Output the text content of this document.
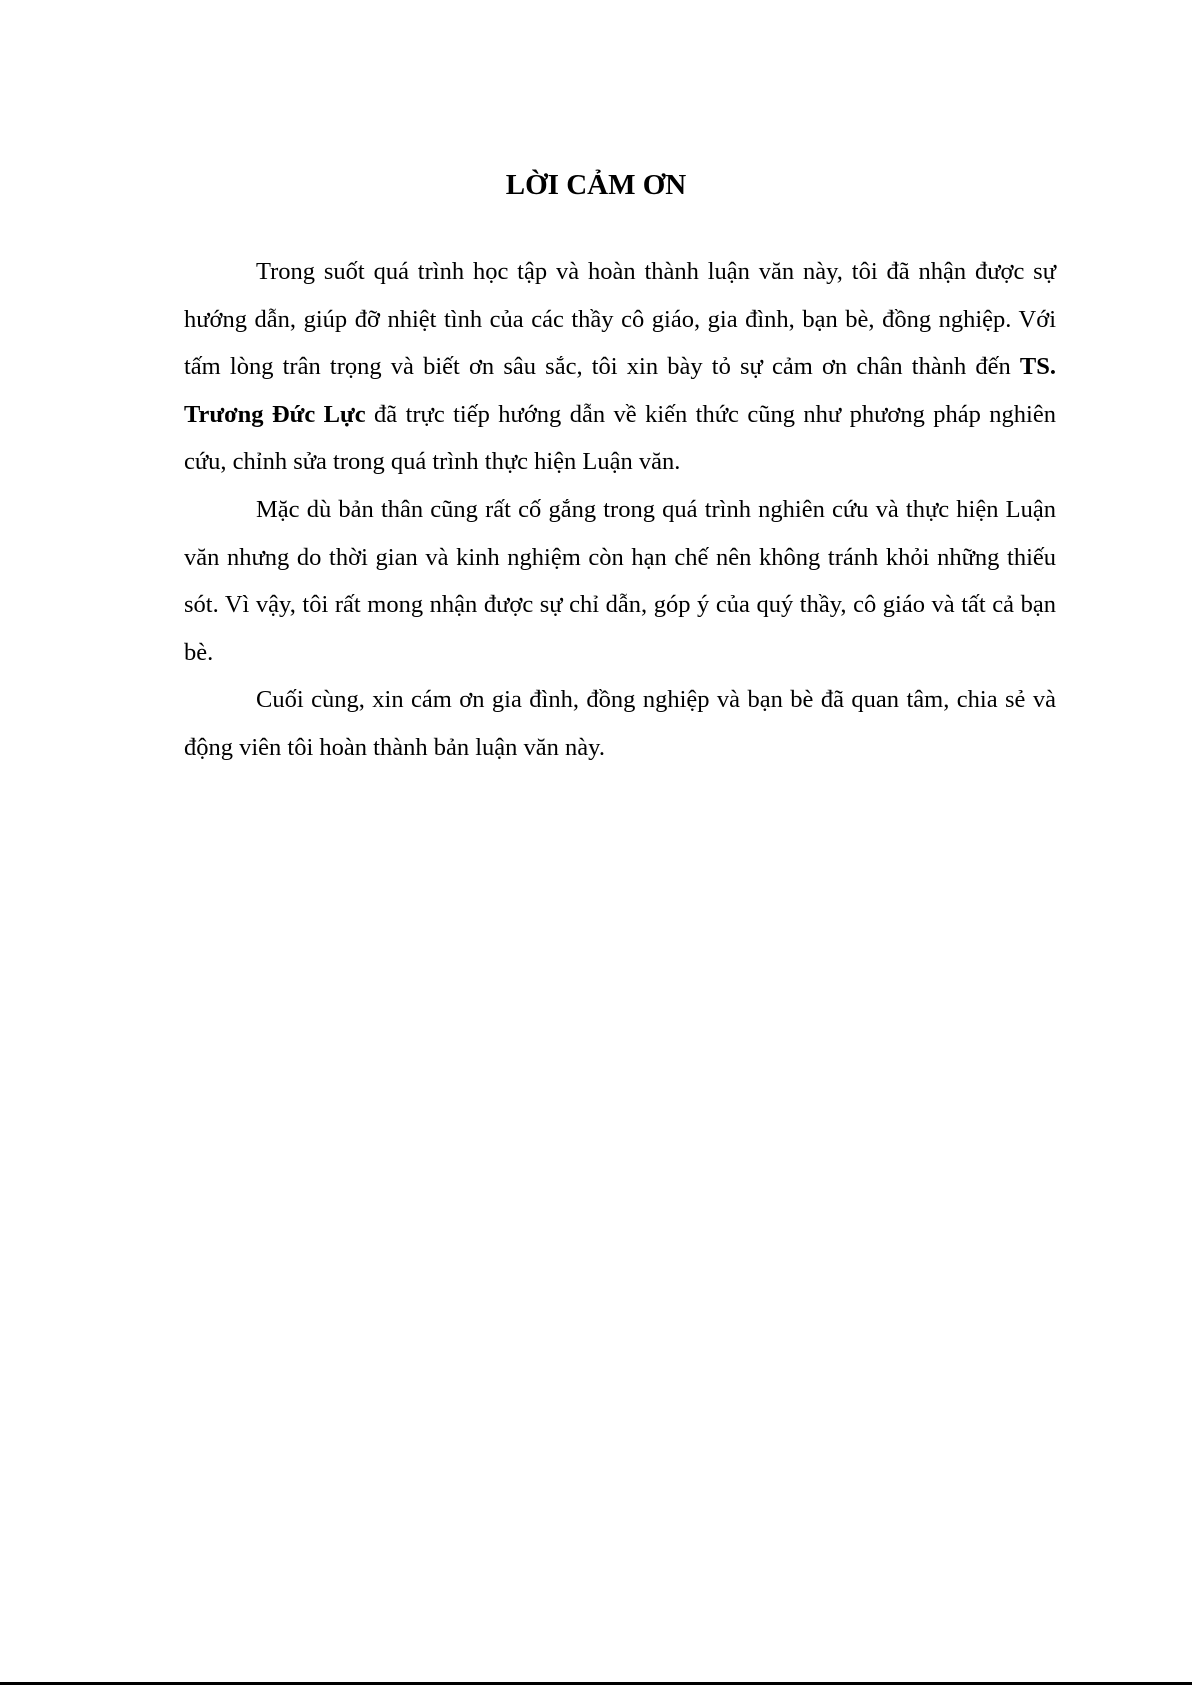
LỜI CẢM ƠN

Trong suốt quá trình học tập và hoàn thành luận văn này, tôi đã nhận được sự hướng dẫn, giúp đỡ nhiệt tình của các thầy cô giáo, gia đình, bạn bè, đồng nghiệp. Với tấm lòng trân trọng và biết ơn sâu sắc, tôi xin bày tỏ sự cảm ơn chân thành đến TS. Trương Đức Lực đã trực tiếp hướng dẫn về kiến thức cũng như phương pháp nghiên cứu, chỉnh sửa trong quá trình thực hiện Luận văn.

Mặc dù bản thân cũng rất cố gắng trong quá trình nghiên cứu và thực hiện Luận văn nhưng do thời gian và kinh nghiệm còn hạn chế nên không tránh khỏi những thiếu sót. Vì vậy, tôi rất mong nhận được sự chỉ dẫn, góp ý của quý thầy, cô giáo và tất cả bạn bè.

Cuối cùng, xin cám ơn gia đình, đồng nghiệp và bạn bè đã quan tâm, chia sẻ và động viên tôi hoàn thành bản luận văn này.
